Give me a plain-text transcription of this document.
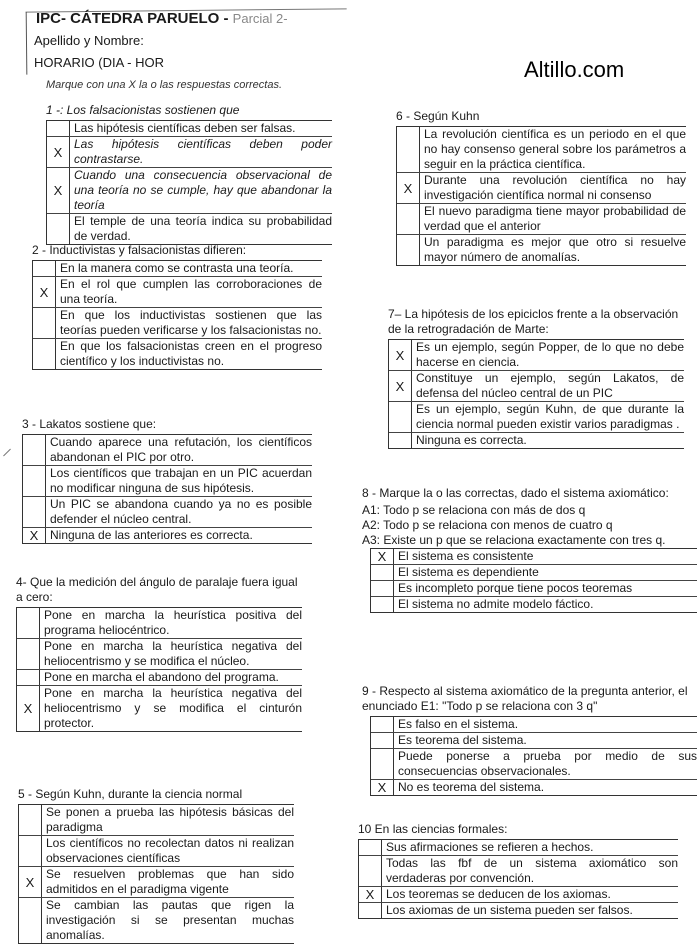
IPC- CÁTEDRA PARUELO - Parcial 2-
Apellido y Nombre:
HORARIO (DIA - HOR
Marque con una X la o las respuestas correctas.
Altillo.com
1 -: Los falsacionistas sostienen que
Las hipótesis científicas deben ser falsas.
X
Las hipótesis científicas deben poder contrastarse.
X
Cuando una consecuencia observacional de una teoría no se cumple, hay que abandonar la teoría
El temple de una teoría indica su probabilidad de verdad.
2 - Inductivistas y falsacionistas difieren:
En la manera como se contrasta una teoría.
X
En el rol que cumplen las corroboraciones de una teoría.
En que los inductivistas sostienen que las teorías pueden verificarse y los falsacionistas no.
En que los falsacionistas creen en el progreso científico y los inductivistas no.
3 - Lakatos sostiene que:
Cuando aparece una refutación, los científicos abandonan el PIC por otro.
Los científicos que trabajan en un PIC acuerdan no modificar ninguna de sus hipótesis.
Un PIC se abandona cuando ya no es posible defender el núcleo central.
X Ninguna de las anteriores es correcta.
4- Que la medición del ángulo de paralaje fuera igual a cero:
Pone en marcha la heurística positiva del programa heliocéntrico.
Pone en marcha la heurística negativa del heliocentrismo y se modifica el núcleo.
Pone en marcha el abandono del programa.
X
Pone en marcha la heurística negativa del heliocentrismo y se modifica el cinturón protector.
5 - Según Kuhn, durante la ciencia normal
Se ponen a prueba las hipótesis básicas del paradigma
Los científicos no recolectan datos ni realizan observaciones científicas
X
Se resuelven problemas que han sido admitidos en el paradigma vigente
Se cambian las pautas que rigen la investigación si se presentan muchas anomalías.
6 - Según Kuhn
La revolución científica es un periodo en el que no hay consenso general sobre los parámetros a seguir en la práctica científica.
X
Durante una revolución científica no hay investigación científica normal ni consenso
El nuevo paradigma tiene mayor probabilidad de verdad que el anterior
Un paradigma es mejor que otro si resuelve mayor número de anomalías.
7– La hipótesis de los epiciclos frente a la observación de la retrogradación de Marte:
X
Es un ejemplo, según Popper, de lo que no debe hacerse en ciencia.
X
Constituye un ejemplo, según Lakatos, de defensa del núcleo central de un PIC
Es un ejemplo, según Kuhn, de que durante la ciencia normal pueden existir varios paradigmas .
Ninguna es correcta.
8 - Marque la o las correctas, dado el sistema axiomático:
A1: Todo p se relaciona con más de dos q
A2: Todo p se relaciona con menos de cuatro q
A3: Existe un p que se relaciona exactamente con tres q.
X El sistema es consistente
El sistema es dependiente
Es incompleto porque tiene pocos teoremas
El sistema no admite modelo fáctico.
9 - Respecto al sistema axiomático de la pregunta anterior, el enunciado E1: "Todo p se relaciona con 3 q"
Es falso en el sistema.
Es teorema del sistema.
Puede ponerse a prueba por medio de sus consecuencias observacionales.
X No es teorema del sistema.
10 En las ciencias formales:
Sus afirmaciones se refieren a hechos.
Todas las fbf de un sistema axiomático son verdaderas por convención.
X Los teoremas se deducen de los axiomas.
Los axiomas de un sistema pueden ser falsos.
